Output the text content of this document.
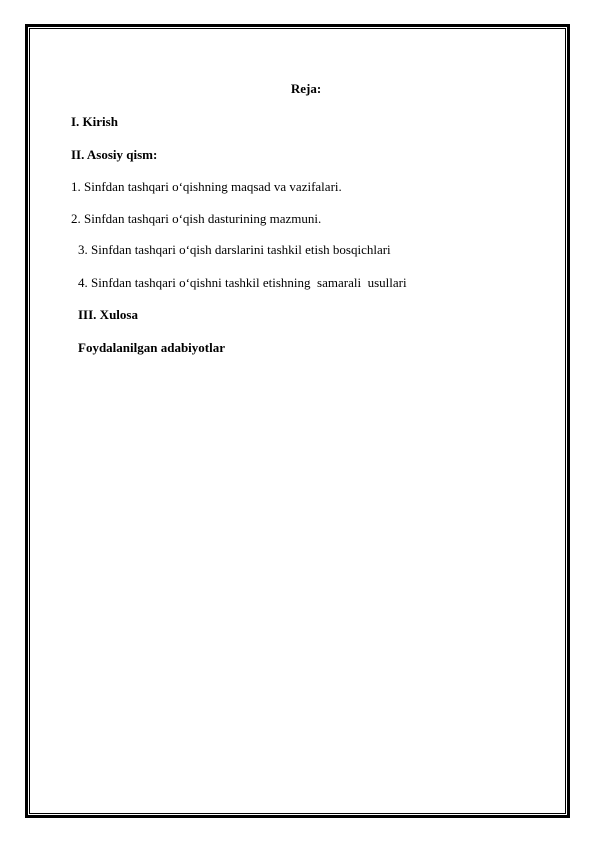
Reja:
I. Kirish
II. Asosiy qism:
1. Sinfdan tashqari o‘qishning maqsad va vazifalari.
2. Sinfdan tashqari o‘qish dasturining mazmuni.
3. Sinfdan tashqari o‘qish darslarini tashkil etish bosqichlari
4. Sinfdan tashqari o‘qishni tashkil etishning  samarali  usullari
III. Xulosa
Foydalanilgan adabiyotlar
